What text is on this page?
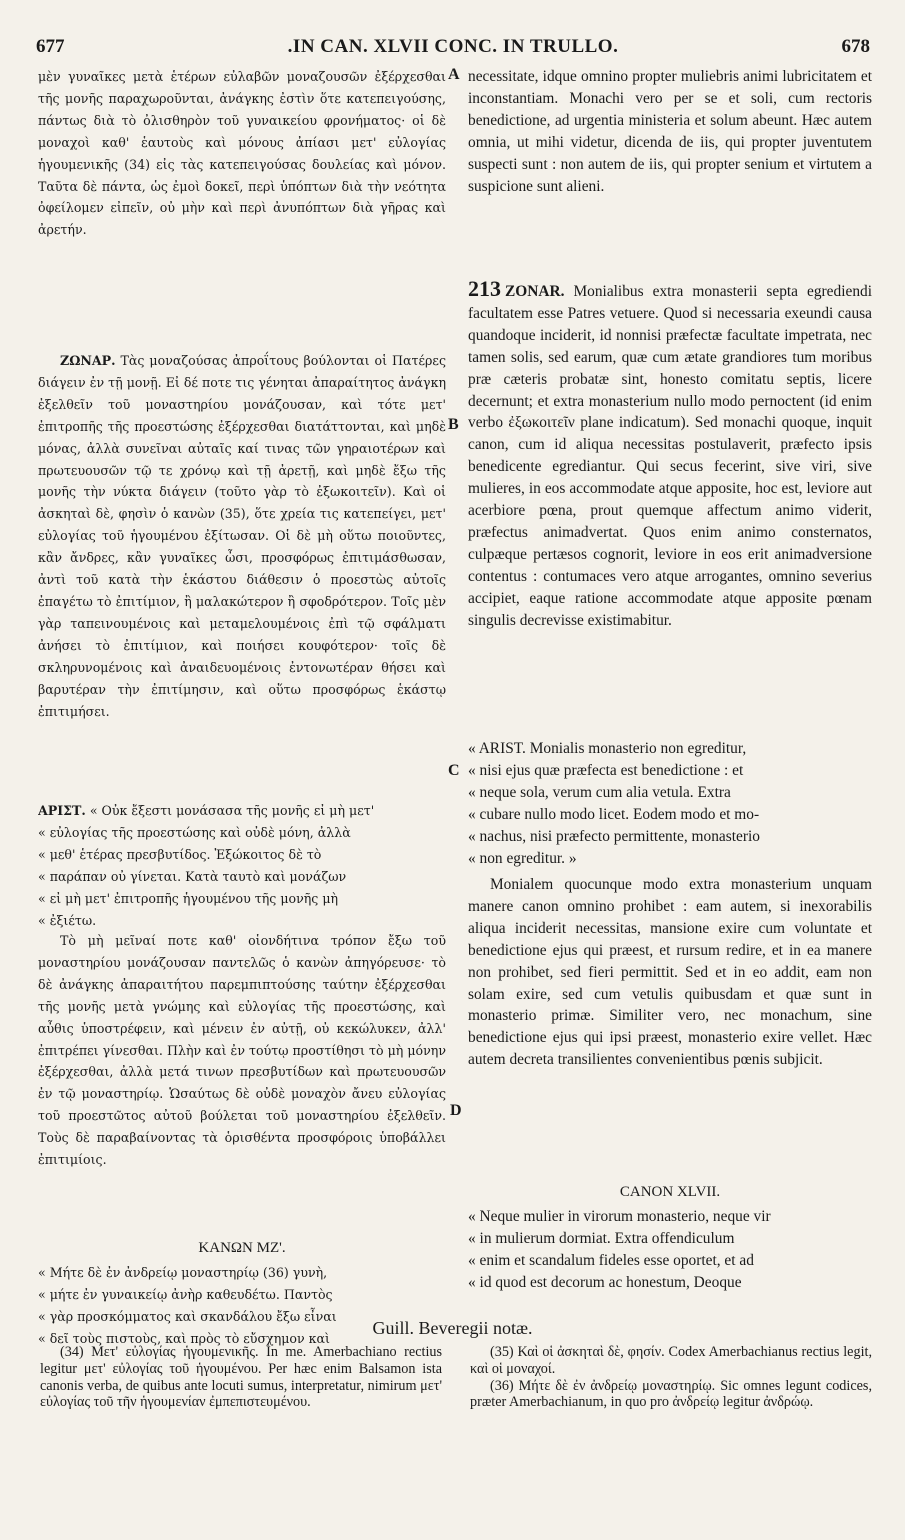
677	.IN CAN. XLVII CONC. IN TRULLO.	678

μὲν γυναῖκες μετὰ ἑτέρων εὐλαβῶν μοναζουσῶν ἐξέρχεσθαι τῆς μονῆς παραχωροῦνται, ἀνάγκης ἐστὶν ὅτε κατεπειγούσης, πάντως διὰ τὸ ὀλισθηρὸν τοῦ γυναικείου φρονήματος· οἱ δὲ μοναχοὶ καθ' ἑαυτοὺς καὶ μόνους ἀπίασι μετ' εὐλογίας ἡγουμενικῆς (34) εἰς τὰς κατεπειγούσας δουλείας καὶ μόνον. Ταῦτα δὲ πάντα, ὡς ἐμοὶ δοκεῖ, περὶ ὑπόπτων διὰ τὴν νεότητα ὀφείλομεν εἰπεῖν, οὐ μὴν καὶ περὶ ἀνυπόπτων διὰ γῆρας καὶ ἀρετήν.

ΖΩΝΑΡ. Τὰς μοναζούσας ἀπροΐτους βούλονται οἱ Πατέρες διάγειν ἐν τῇ μονῇ. Εἰ δέ ποτε τις γένηται ἀπαραίτητος ἀνάγκη ἐξελθεῖν τοῦ μοναστηρίου μονάζουσαν, καὶ τότε μετ' ἐπιτροπῆς τῆς προεστώσης ἐξέρχεσθαι διατάττονται, καὶ μηδὲ μόνας, ἀλλὰ συνεῖναι αὐταῖς καί τινας τῶν γηραιοτέρων καὶ πρωτευουσῶν τῷ τε χρόνῳ καὶ τῇ ἀρετῇ, καὶ μηδὲ ἔξω τῆς μονῆς τὴν νύκτα διάγειν (τοῦτο γὰρ τὸ ἐξωκοιτεῖν). Καὶ οἱ ἀσκηταὶ δὲ, φησὶν ὁ κανὼν (35), ὅτε χρεία τις κατεπείγει, μετ' εὐλογίας τοῦ ἡγουμένου ἐξίτωσαν. Οἱ δὲ μὴ οὕτω ποιοῦντες, κἂν ἄνδρες, κἂν γυναῖκες ὦσι, προσφόρως ἐπιτιμάσθωσαν, ἀντὶ τοῦ κατὰ τὴν ἑκάστου διάθεσιν ὁ προεστὼς αὐτοῖς ἐπαγέτω τὸ ἐπιτίμιον, ἢ μαλακώτερον ἢ σφοδρότερον. Τοῖς μὲν γὰρ ταπεινουμένοις καὶ μεταμελουμένοις ἐπὶ τῷ σφάλματι ἀνήσει τὸ ἐπιτίμιον, καὶ ποιήσει κουφότερον· τοῖς δὲ σκληρυνομένοις καὶ ἀναιδευομένοις ἐντονωτέραν θήσει καὶ βαρυτέραν τὴν ἐπιτίμησιν, καὶ οὕτω προσφόρως ἑκάστῳ ἐπιτιμήσει.

ΑΡΙΣΤ. « Οὐκ ἔξεστι μονάσασα τῆς μονῆς εἰ μὴ μετ'
« εὐλογίας τῆς προεστώσης καὶ οὐδὲ μόνη, ἀλλὰ
« μεθ' ἑτέρας πρεσβυτίδος. Ἐξώκοιτος δὲ τὸ
« παράπαν οὐ γίνεται. Κατὰ ταυτὸ καὶ μονάζων
« εἰ μὴ μετ' ἐπιτροπῆς ἡγουμένου τῆς μονῆς μὴ
« ἐξιέτω.

Τὸ μὴ μεῖναί ποτε καθ' οἱονδήτινα τρόπον ἔξω τοῦ μοναστηρίου μονάζουσαν παντελῶς ὁ κανὼν ἀπηγόρευσε· τὸ δὲ ἀνάγκης ἀπαραιτήτου παρεμπιπτούσης ταύτην ἐξέρχεσθαι τῆς μονῆς μετὰ γνώμης καὶ εὐλογίας τῆς προεστώσης, καὶ αὖθις ὑποστρέφειν, καὶ μένειν ἐν αὐτῇ, οὐ κεκώλυκεν, ἀλλ' ἐπιτρέπει γίνεσθαι. Πλὴν καὶ ἐν τούτῳ προστίθησι τὸ μὴ μόνην ἐξέρχεσθαι, ἀλλὰ μετά τινων πρεσβυτίδων καὶ πρωτευουσῶν ἐν τῷ μοναστηρίῳ. Ὡσαύτως δὲ οὐδὲ μοναχὸν ἄνευ εὐλογίας τοῦ προεστῶτος αὐτοῦ βούλεται τοῦ μοναστηρίου ἐξελθεῖν. Τοὺς δὲ παραβαίνοντας τὰ ὁρισθέντα προσφόροις ὑποβάλλει ἐπιτιμίοις.

ΚΑΝΩΝ ΜΖ'.

« Μήτε δὲ ἐν ἀνδρείῳ μοναστηρίῳ (36) γυνὴ,
« μήτε ἐν γυναικείῳ ἀνὴρ καθευδέτω. Παντὸς
« γὰρ προσκόμματος καὶ σκανδάλου ἔξω εἶναι
« δεῖ τοὺς πιστοὺς, καὶ πρὸς τὸ εὔσχημον καὶ
A
B
C
D

necessitate, idque omnino propter muliebris animi lubricitatem et inconstantiam. Monachi vero per se et soli, cum rectoris benedictione, ad urgentia ministeria et solum abeunt. Hæc autem omnia, ut mihi videtur, dicenda de iis, qui propter juventutem suspecti sunt : non autem de iis, qui propter senium et virtutem a suspicione sunt alieni.

213 ZONAR. Monialibus extra monasterii septa egrediendi facultatem esse Patres vetuere. Quod si necessaria exeundi causa quandoque inciderit, id nonnisi præfectæ facultate impetrata, nec tamen solis, sed earum, quæ cum ætate grandiores tum moribus præ cæteris probatæ sint, honesto comitatu septis, licere decernunt; et extra monasterium nullo modo pernoctent (id enim verbo ἐξωκοιτεῖν plane indicatum). Sed monachi quoque, inquit canon, cum id aliqua necessitas postulaverit, præfecto ipsis benedicente egrediantur. Qui secus fecerint, sive viri, sive mulieres, in eos accommodate atque apposite, hoc est, leviore aut acerbiore pœna, prout quemque affectum animo viderit, præfectus animadvertat. Quos enim animo consternatos, culpæque pertæsos cognorit, leviore in eos erit animadversione contentus : contumaces vero atque arrogantes, omnino severius accipiet, eaque ratione accommodate atque apposite pœnam singulis decrevisse existimabitur.

« ARIST. Monialis monasterio non egreditur,
« nisi ejus quæ præfecta est benedictione : et
« neque sola, verum cum alia vetula. Extra
« cubare nullo modo licet. Eodem modo et mo-
« nachus, nisi præfecto permittente, monasterio
« non egreditur. »

Monialem quocunque modo extra monasterium unquam manere canon omnino prohibet : eam autem, si inexorabilis aliqua inciderit necessitas, mansione exire cum voluntate et benedictione ejus qui præest, et rursum redire, et in ea manere non prohibet, sed fieri permittit. Sed et in eo addit, eam non solam exire, sed cum vetulis quibusdam et quæ sunt in monasterio primæ. Similiter vero, nec monachum, sine benedictione ejus qui ipsi præest, monasterio exire vellet. Hæc autem decreta transilientes convenientibus pœnis subjicit.

CANON XLVII.

« Neque mulier in virorum monasterio, neque vir
« in mulierum dormiat. Extra offendiculum
« enim et scandalum fideles esse oportet, et ad
« id quod est decorum ac honestum, Deoque
Guill. Beveregii notæ.

(34) Μετ' εὐλογίας ἡγουμενικῆς. In me. Amerbachiano rectius legitur μετ' εὐλογίας τοῦ ἡγουμένου. Per hæc enim Balsamon ista canonis verba, de quibus ante locuti sumus, interpretatur, nimirum μετ' εὐλογίας τοῦ τῆν ἡγουμενίαν ἐμπεπιστευμένου.

(35) Καὶ οἱ ἀσκηταὶ δὲ, φησίν. Codex Amerbachianus rectius legit, καὶ οἱ μοναχοί.

(36) Μήτε δὲ ἐν ἀνδρείῳ μοναστηρίῳ. Sic omnes legunt codices, præter Amerbachianum, in quo pro ἀνδρείῳ legitur ἀνδρώῳ.
